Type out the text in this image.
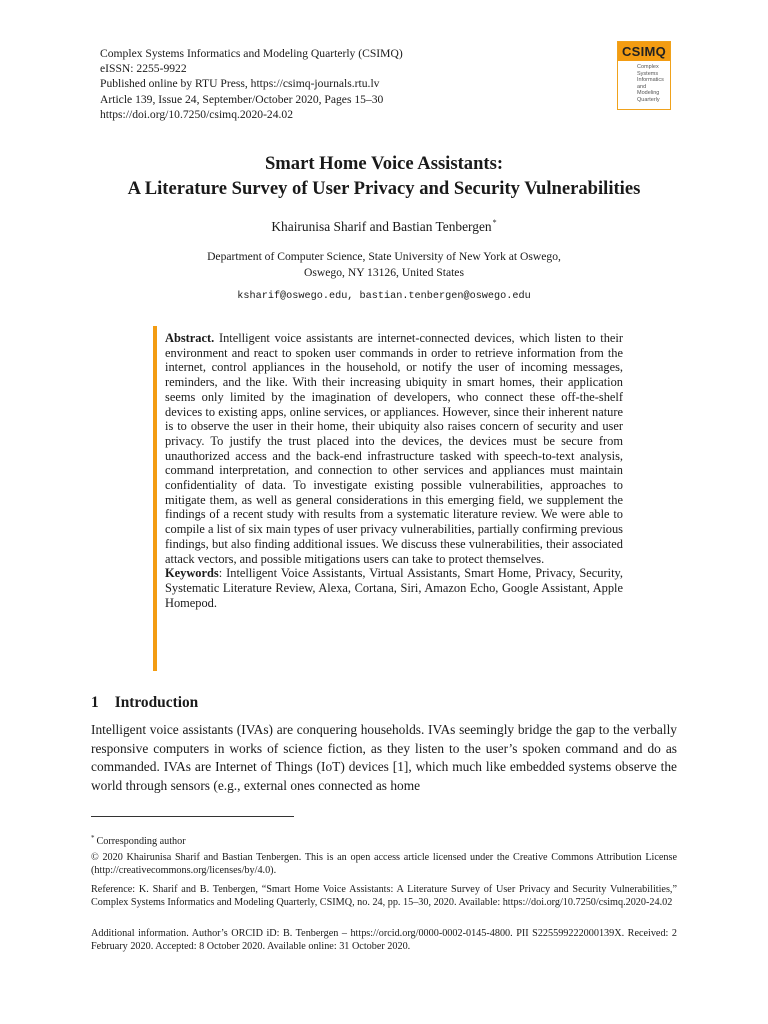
Complex Systems Informatics and Modeling Quarterly (CSIMQ)
eISSN: 2255-9922
Published online by RTU Press, https://csimq-journals.rtu.lv
Article 139, Issue 24, September/October 2020, Pages 15–30
https://doi.org/10.7250/csimq.2020-24.02
CSIMQ
Complex
Systems
Informatics
and
Modeling
Quarterly
Smart Home Voice Assistants:
A Literature Survey of User Privacy and Security Vulnerabilities
Khairunisa Sharif and Bastian Tenbergen*
Department of Computer Science, State University of New York at Oswego,
Oswego, NY 13126, United States
ksharif@oswego.edu, bastian.tenbergen@oswego.edu

Abstract. Intelligent voice assistants are internet-connected devices, which listen to their environment and react to spoken user commands in order to retrieve information from the internet, control appliances in the household, or notify the user of incoming messages, reminders, and the like. With their increasing ubiquity in smart homes, their application seems only limited by the imagination of developers, who connect these off-the-shelf devices to existing apps, online services, or appliances. However, since their inherent nature is to observe the user in their home, their ubiquity also raises concern of security and user privacy. To justify the trust placed into the devices, the devices must be secure from unauthorized access and the back-end infrastructure tasked with speech-to-text analysis, command interpretation, and connection to other services and appliances must maintain confidentiality of data. To investigate existing possible vulnerabilities, approaches to mitigate them, as well as general considerations in this emerging field, we supplement the findings of a recent study with results from a systematic literature review. We were able to compile a list of six main types of user privacy vulnerabilities, partially confirming previous findings, but also finding additional issues. We discuss these vulnerabilities, their associated attack vectors, and possible mitigations users can take to protect themselves.

Keywords: Intelligent Voice Assistants, Virtual Assistants, Smart Home, Privacy, Security, Systematic Literature Review, Alexa, Cortana, Siri, Amazon Echo, Google Assistant, Apple Homepod.

1 Introduction
Intelligent voice assistants (IVAs) are conquering households. IVAs seemingly bridge the gap to the verbally responsive computers in works of science fiction, as they listen to the user’s spoken command and do as commanded. IVAs are Internet of Things (IoT) devices [1], which much like embedded systems observe the world through sensors (e.g., external ones connected as home
* Corresponding author
© 2020 Khairunisa Sharif and Bastian Tenbergen. This is an open access article licensed under the Creative Commons Attribution License (http://creativecommons.org/licenses/by/4.0).
Reference: K. Sharif and B. Tenbergen, “Smart Home Voice Assistants: A Literature Survey of User Privacy and Security Vulnerabilities,” Complex Systems Informatics and Modeling Quarterly, CSIMQ, no. 24, pp. 15–30, 2020. Available: https://doi.org/10.7250/csimq.2020-24.02
Additional information. Author’s ORCID iD: B. Tenbergen – https://orcid.org/0000-0002-0145-4800. PII S225599222000139X. Received: 2 February 2020. Accepted: 8 October 2020. Available online: 31 October 2020.
